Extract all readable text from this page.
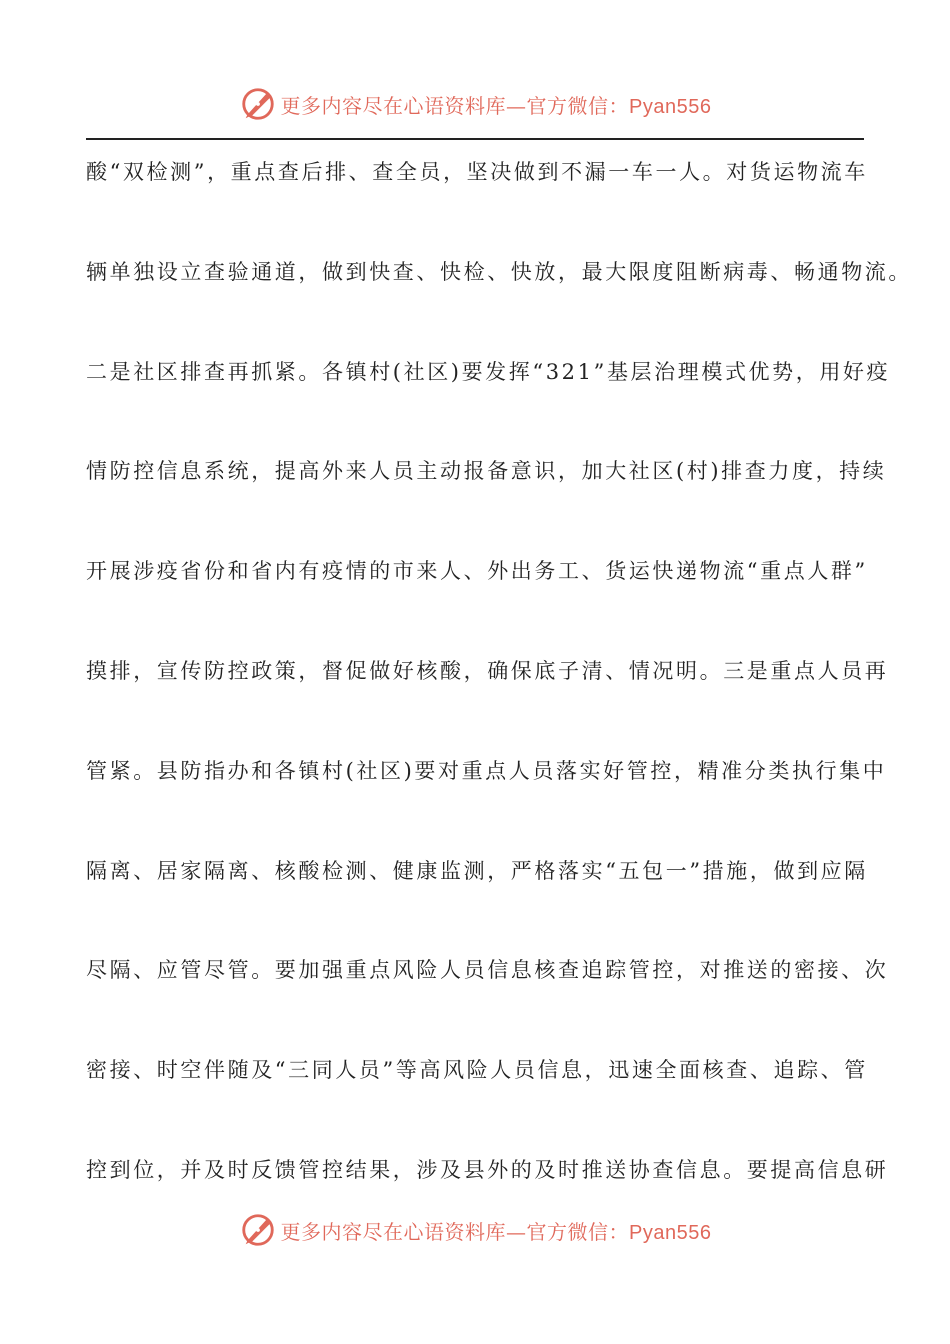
更多内容尽在心语资料库—官方微信：Pyan556
酸“双检测”，重点查后排、查全员，坚决做到不漏一车一人。对货运物流车
辆单独设立查验通道，做到快查、快检、快放，最大限度阻断病毒、畅通物流。
二是社区排查再抓紧。各镇村(社区)要发挥“321”基层治理模式优势，用好疫
情防控信息系统，提高外来人员主动报备意识，加大社区(村)排查力度，持续
开展涉疫省份和省内有疫情的市来人、外出务工、货运快递物流“重点人群”
摸排，宣传防控政策，督促做好核酸，确保底子清、情况明。三是重点人员再
管紧。县防指办和各镇村(社区)要对重点人员落实好管控，精准分类执行集中
隔离、居家隔离、核酸检测、健康监测，严格落实“五包一”措施，做到应隔
尽隔、应管尽管。要加强重点风险人员信息核查追踪管控，对推送的密接、次
密接、时空伴随及“三同人员”等高风险人员信息，迅速全面核查、追踪、管
控到位，并及时反馈管控结果，涉及县外的及时推送协查信息。要提高信息研
更多内容尽在心语资料库—官方微信：Pyan556
